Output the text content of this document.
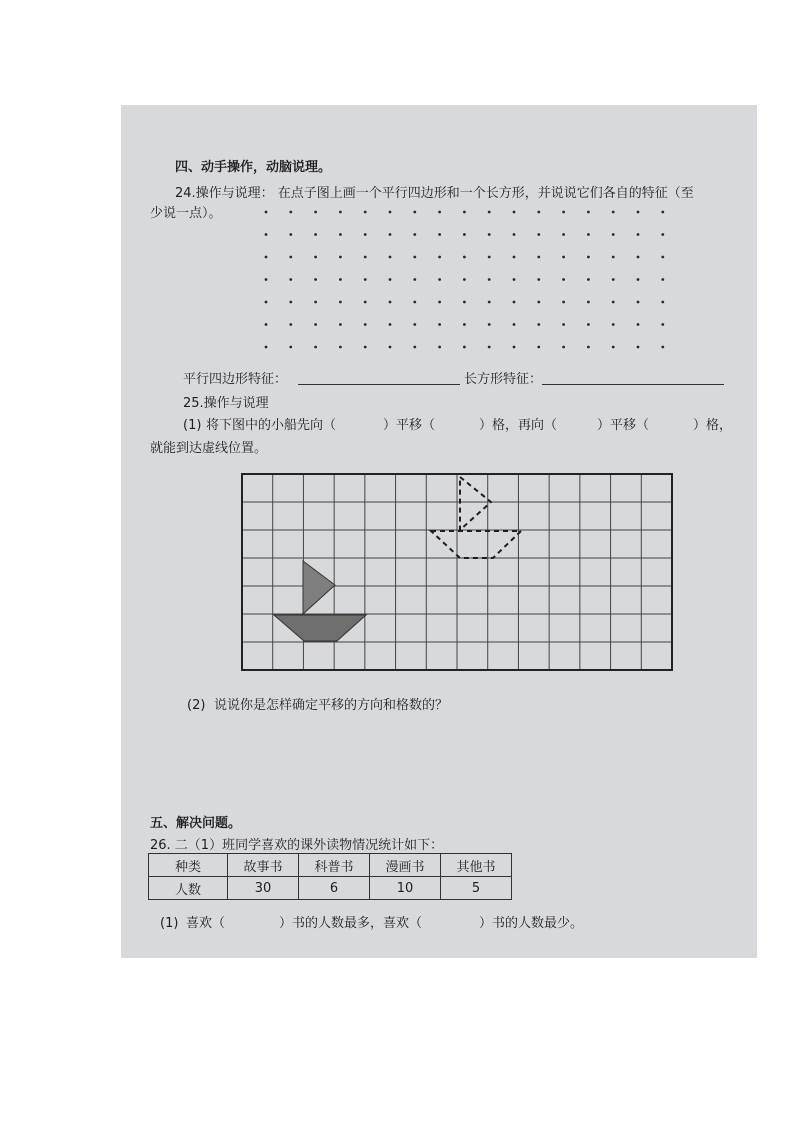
四、动手操作，动脑说理。
24.操作与说理： 在点子图上画一个平行四边形和一个长方形，并说说它们各自的特征（至
少说一点）。
平行四边形特征：	长方形特征：
25.操作与说理
(1) 将下图中的小船先向（	）平移（	）格，再向（	）平移（	）格，
就能到达虚线位置。
(2) 说说你是怎样确定平移的方向和格数的？
五、解决问题。
26. 二（1）班同学喜欢的课外读物情况统计如下：
种类	故事书	科普书	漫画书	其他书
人数	30	6	10	5
(1) 喜欢（	）书的人数最多，喜欢（	）书的人数最少。
